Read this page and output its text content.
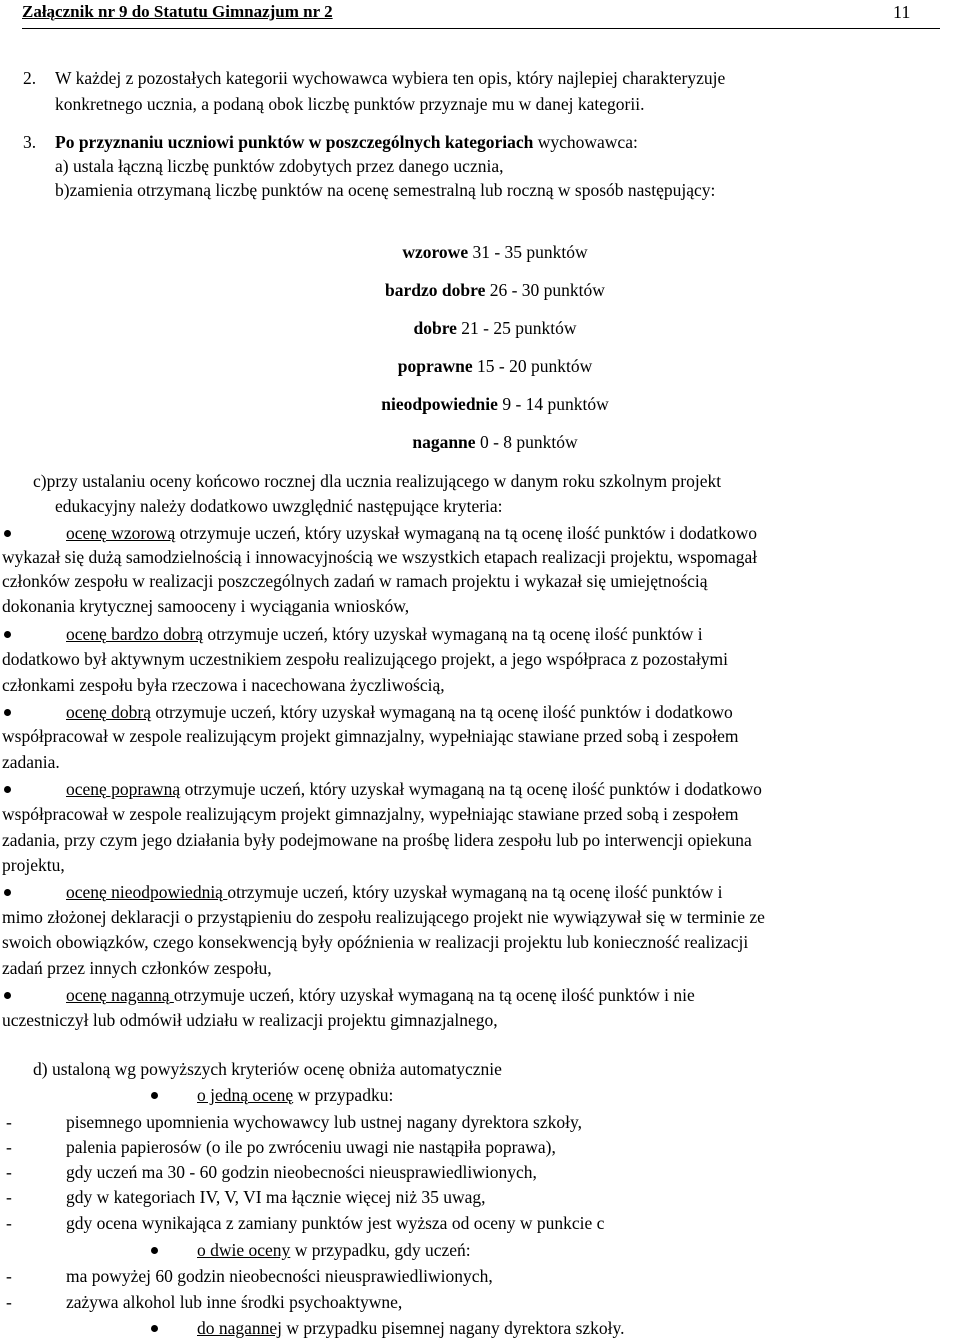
Załącznik nr 9 do Statutu Gimnazjum nr 2	11
2. W każdej z pozostałych kategorii wychowawca wybiera ten opis, który najlepiej charakteryzuje
konkretnego ucznia, a podaną obok liczbę punktów przyznaje mu w danej kategorii.
3. Po przyznaniu uczniowi punktów w poszczególnych kategoriach wychowawca:
a) ustala łączną liczbę punktów zdobytych przez danego ucznia,
b)zamienia otrzymaną liczbę punktów na ocenę semestralną lub roczną w sposób następujący:
wzorowe 31 - 35 punktów
bardzo dobre 26 - 30 punktów
dobre 21 - 25 punktów
poprawne 15 - 20 punktów
nieodpowiednie 9 - 14 punktów
naganne 0 - 8 punktów
c)przy ustalaniu oceny końcowo rocznej dla ucznia realizującego w danym roku szkolnym projekt
edukacyjny należy dodatkowo uwzględnić następujące kryteria:
ocenę wzorową otrzymuje uczeń, który uzyskał wymaganą na tą ocenę ilość punktów i dodatkowo
wykazał się dużą samodzielnością i innowacyjnością we wszystkich etapach realizacji projektu, wspomagał
członków zespołu w realizacji poszczególnych zadań w ramach projektu i wykazał się umiejętnością
dokonania krytycznej samooceny i wyciągania wniosków,
ocenę bardzo dobrą otrzymuje uczeń, który uzyskał wymaganą na tą ocenę ilość punktów i
dodatkowo był aktywnym uczestnikiem zespołu realizującego projekt, a jego współpraca z pozostałymi
członkami zespołu była rzeczowa i nacechowana życzliwością,
ocenę dobrą otrzymuje uczeń, który uzyskał wymaganą na tą ocenę ilość punktów i dodatkowo
współpracował w zespole realizującym projekt gimnazjalny, wypełniając stawiane przed sobą i zespołem
zadania.
ocenę poprawną otrzymuje uczeń, który uzyskał wymaganą na tą ocenę ilość punktów i dodatkowo
współpracował w zespole realizującym projekt gimnazjalny, wypełniając stawiane przed sobą i zespołem
zadania, przy czym jego działania były podejmowane na prośbę lidera zespołu lub po interwencji opiekuna
projektu,
ocenę nieodpowiednią otrzymuje uczeń, który uzyskał wymaganą na tą ocenę ilość punktów i
mimo złożonej deklaracji o przystąpieniu do zespołu realizującego projekt nie wywiązywał się w terminie ze
swoich obowiązków, czego konsekwencją były opóźnienia w realizacji projektu lub konieczność realizacji
zadań przez innych członków zespołu,
ocenę naganną otrzymuje uczeń, który uzyskał wymaganą na tą ocenę ilość punktów i nie
uczestniczył lub odmówił udziału w realizacji projektu gimnazjalnego,
d) ustaloną wg powyższych kryteriów ocenę obniża automatycznie
o jedną ocenę w przypadku:
-	pisemnego upomnienia wychowawcy lub ustnej nagany dyrektora szkoły,
-	palenia papierosów (o ile po zwróceniu uwagi nie nastąpiła poprawa),
-	gdy uczeń ma 30 - 60 godzin nieobecności nieusprawiedliwionych,
-	gdy w kategoriach IV, V, VI ma łącznie więcej niż 35 uwag,
-	gdy ocena wynikająca z zamiany punktów jest wyższa od oceny w punkcie c
o dwie oceny w przypadku, gdy uczeń:
-	ma powyżej 60 godzin nieobecności nieusprawiedliwionych,
-	zażywa alkohol lub inne środki psychoaktywne,
do nagannej w przypadku pisemnej nagany dyrektora szkoły.
